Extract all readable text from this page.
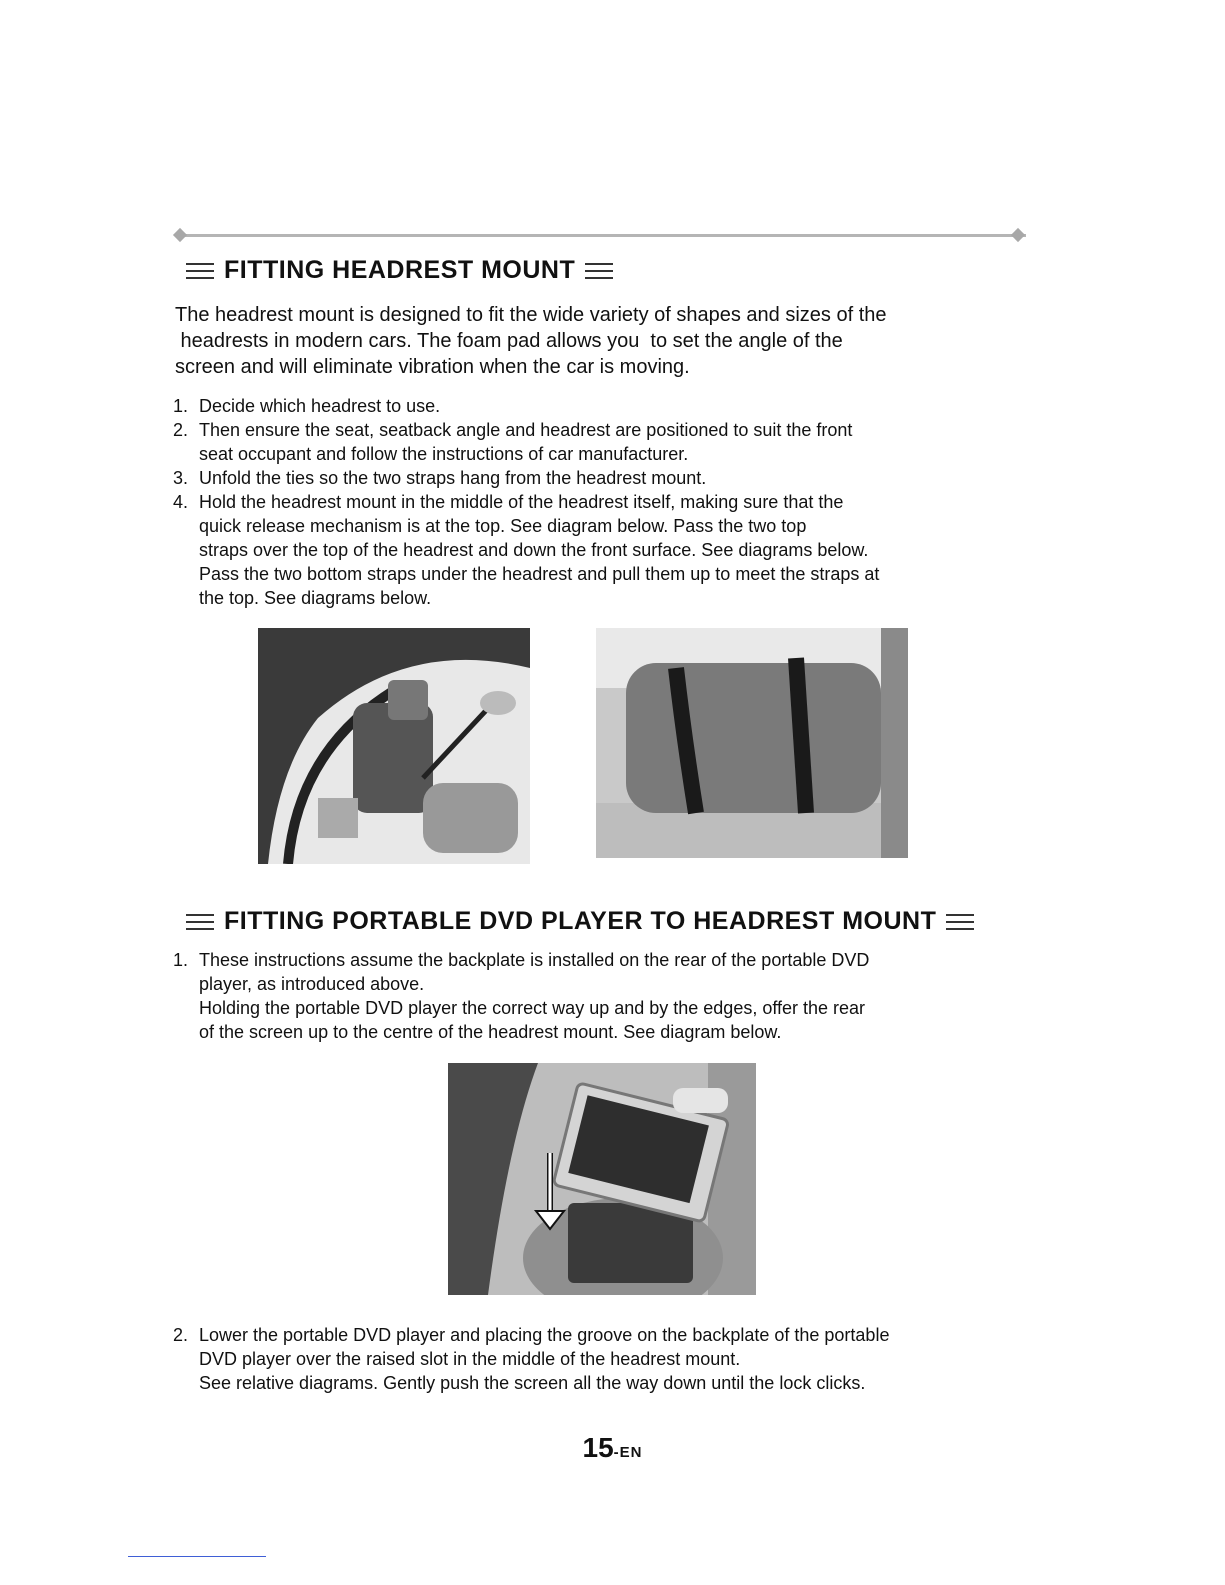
FITTING HEADREST MOUNT
The headrest mount is designed to fit the wide variety of shapes and sizes of the
headrests in modern cars. The foam pad allows you  to set the angle of the
screen and will eliminate vibration when the car is moving.
1. Decide which headrest to use.
2. Then ensure the seat, seatback angle and headrest are positioned to suit the front
seat occupant and follow the instructions of car manufacturer.
3. Unfold the ties so the two straps hang from the headrest mount.
4. Hold the headrest mount in the middle of the headrest itself, making sure that the
quick release mechanism is at the top. See diagram below. Pass the two top
straps over the top of the headrest and down the front surface. See diagrams below.
Pass the two bottom straps under the headrest and pull them up to meet the straps at
the top. See diagrams below.
FITTING PORTABLE DVD PLAYER TO HEADREST MOUNT
1. These instructions assume the backplate is installed on the rear of the portable DVD
player, as introduced above.
Holding the portable DVD player the correct way up and by the edges, offer the rear
of the screen up to the centre of the headrest mount. See diagram below.
2. Lower the portable DVD player and placing the groove on the backplate of the portable
DVD player over the raised slot in the middle of the headrest mount.
See relative diagrams. Gently push the screen all the way down until the lock clicks.
15-EN
